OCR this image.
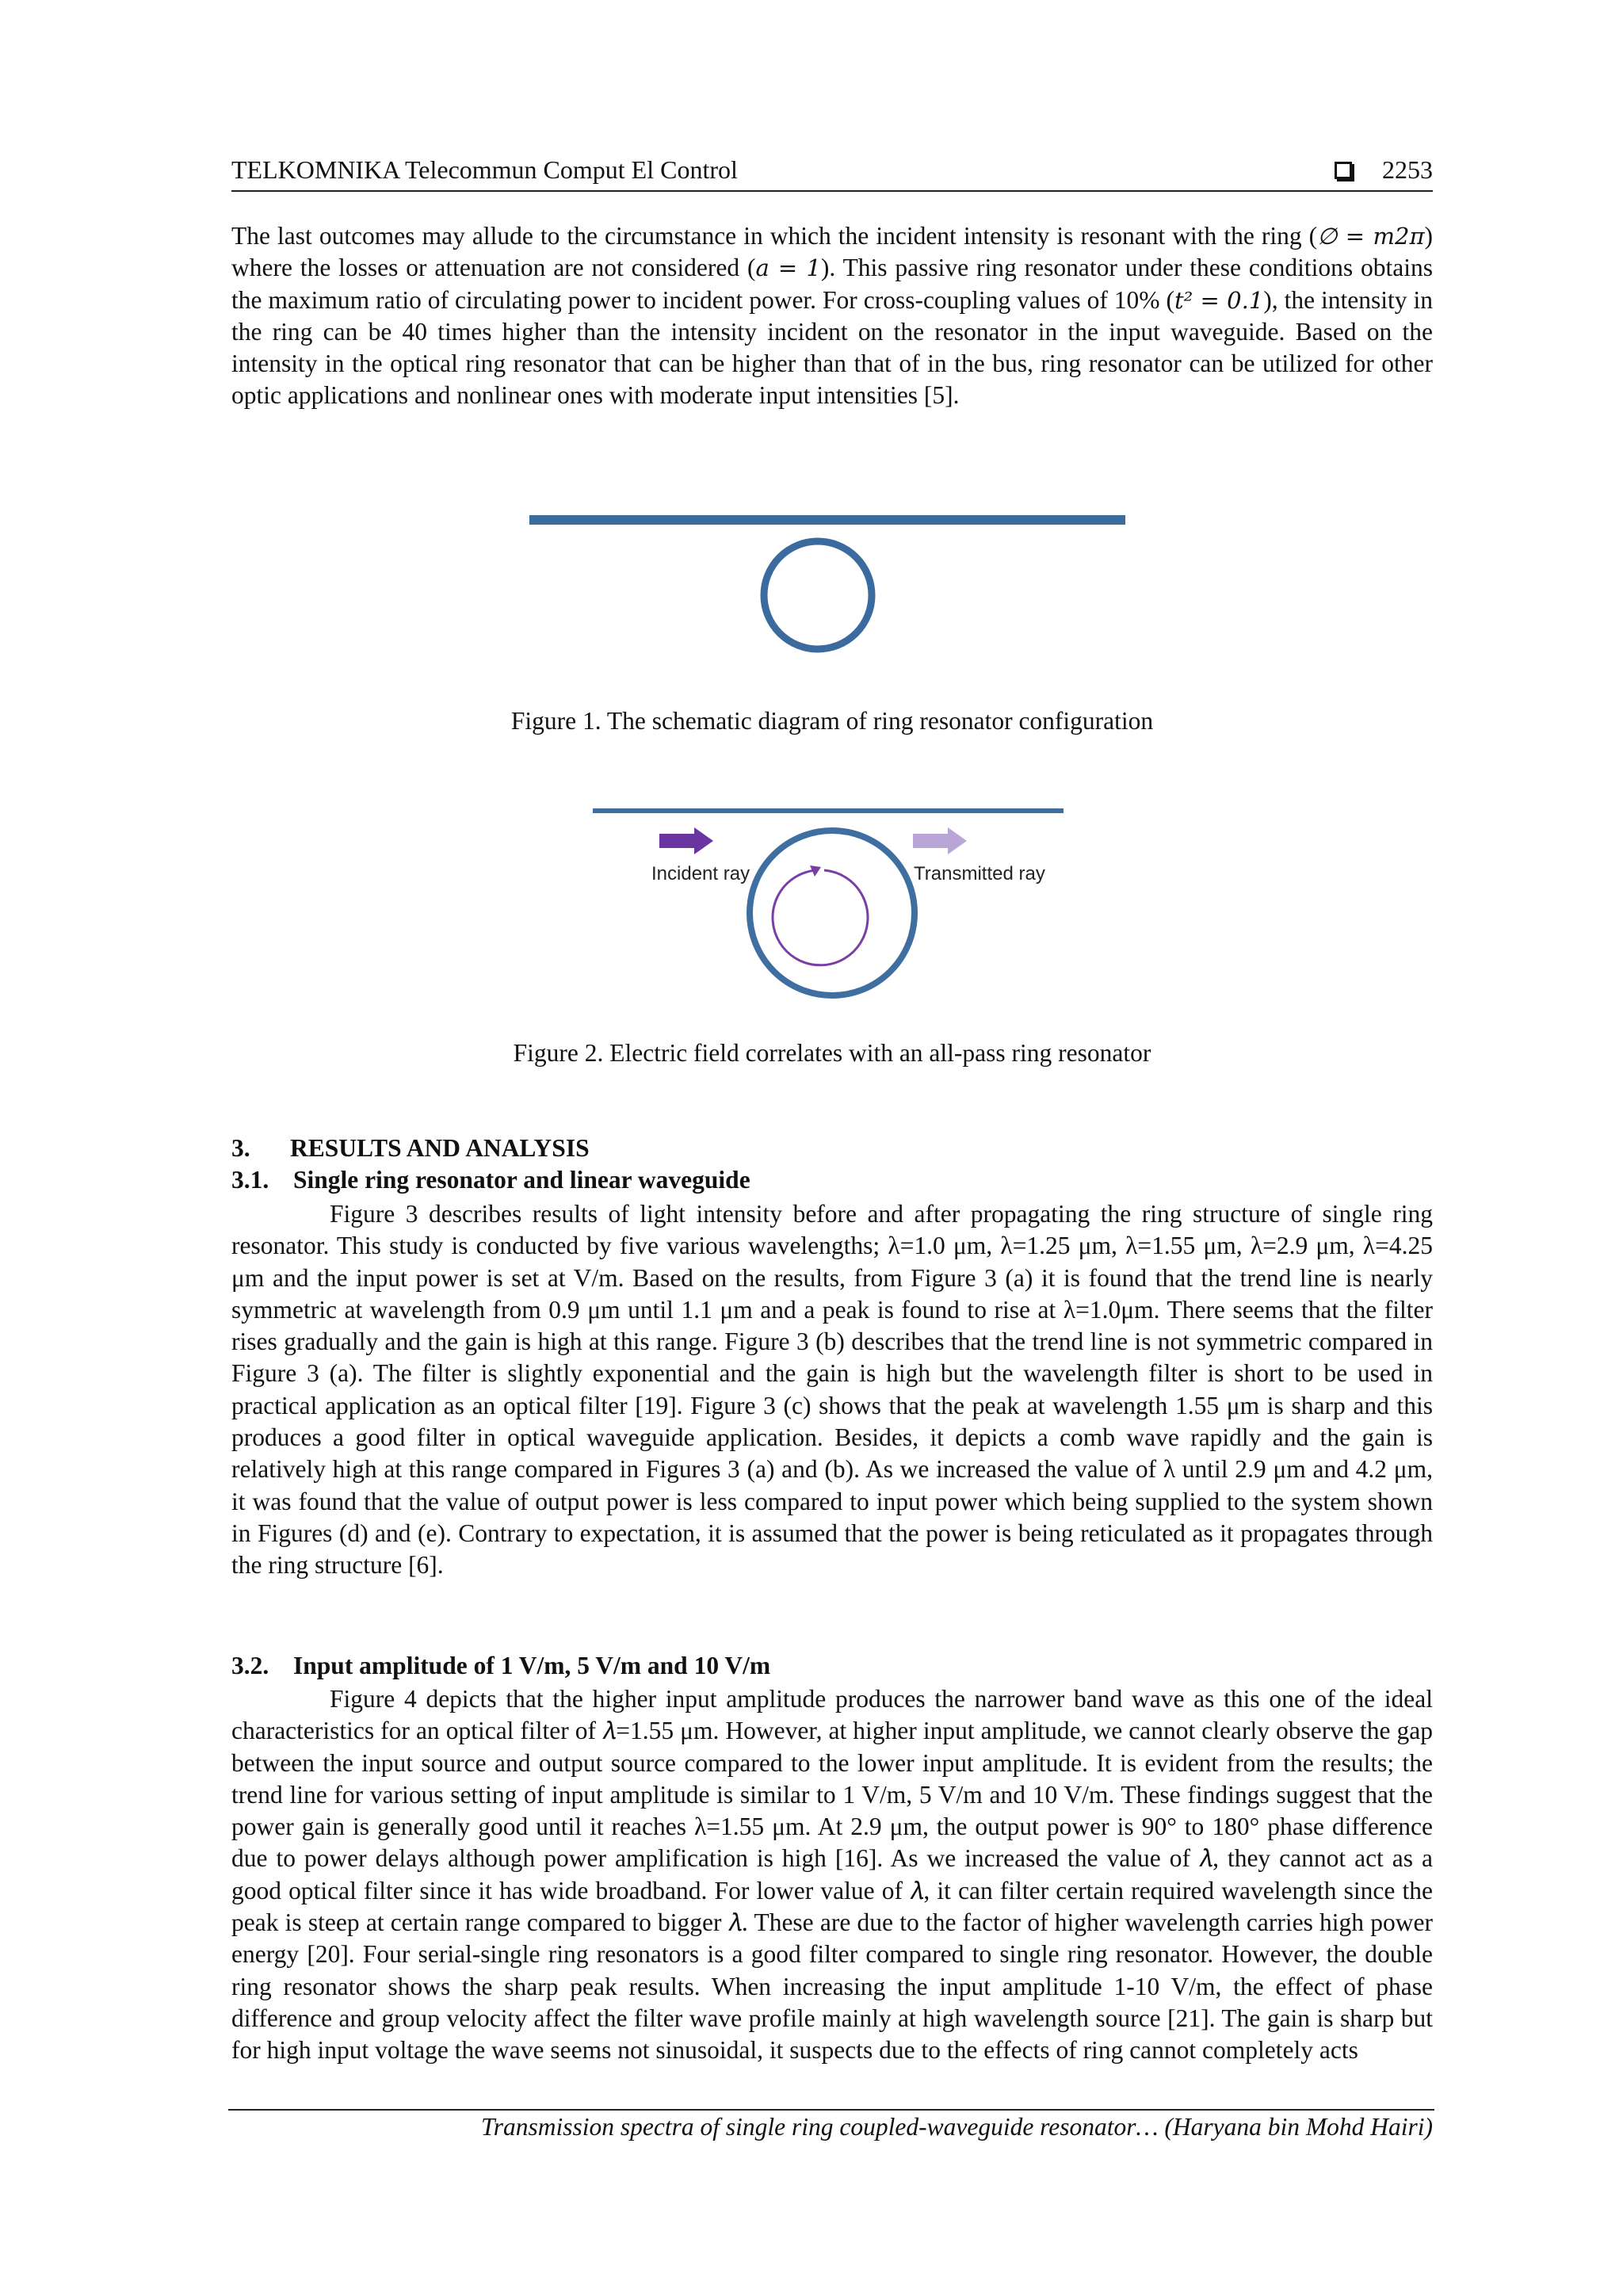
TELKOMNIKA Telecommun Comput El Control	2253
The last outcomes may allude to the circumstance in which the incident intensity is resonant with the ring (∅ = m2π) where the losses or attenuation are not considered (a = 1). This passive ring resonator under these conditions obtains the maximum ratio of circulating power to incident power. For cross-coupling values of 10% (t² = 0.1), the intensity in the ring can be 40 times higher than the intensity incident on the resonator in the input waveguide. Based on the intensity in the optical ring resonator that can be higher than that of in the bus, ring resonator can be utilized for other optic applications and nonlinear ones with moderate input intensities [5].
Figure 1. The schematic diagram of ring resonator configuration
Incident ray	Transmitted ray
Figure 2. Electric field correlates with an all-pass ring resonator
3. RESULTS AND ANALYSIS
3.1. Single ring resonator and linear waveguide
Figure 3 describes results of light intensity before and after propagating the ring structure of single ring resonator. This study is conducted by five various wavelengths; λ=1.0 μm, λ=1.25 μm, λ=1.55 μm, λ=2.9 μm, λ=4.25 μm and the input power is set at V/m. Based on the results, from Figure 3 (a) it is found that the trend line is nearly symmetric at wavelength from 0.9 μm until 1.1 μm and a peak is found to rise at λ=1.0μm. There seems that the filter rises gradually and the gain is high at this range. Figure 3 (b) describes that the trend line is not symmetric compared in Figure 3 (a). The filter is slightly exponential and the gain is high but the wavelength filter is short to be used in practical application as an optical filter [19]. Figure 3 (c) shows that the peak at wavelength 1.55 μm is sharp and this produces a good filter in optical waveguide application. Besides, it depicts a comb wave rapidly and the gain is relatively high at this range compared in Figures 3 (a) and (b). As we increased the value of λ until 2.9 μm and 4.2 μm, it was found that the value of output power is less compared to input power which being supplied to the system shown in Figures (d) and (e). Contrary to expectation, it is assumed that the power is being reticulated as it propagates through the ring structure [6].
3.2. Input amplitude of 1 V/m, 5 V/m and 10 V/m
Figure 4 depicts that the higher input amplitude produces the narrower band wave as this one of the ideal characteristics for an optical filter of 𝜆=1.55 μm. However, at higher input amplitude, we cannot clearly observe the gap between the input source and output source compared to the lower input amplitude. It is evident from the results; the trend line for various setting of input amplitude is similar to 1 V/m, 5 V/m and 10 V/m. These findings suggest that the power gain is generally good until it reaches λ=1.55 μm. At 2.9 μm, the output power is 90° to 180° phase difference due to power delays although power amplification is high [16]. As we increased the value of 𝜆, they cannot act as a good optical filter since it has wide broadband. For lower value of 𝜆, it can filter certain required wavelength since the peak is steep at certain range compared to bigger 𝜆. These are due to the factor of higher wavelength carries high power energy [20]. Four serial-single ring resonators is a good filter compared to single ring resonator. However, the double ring resonator shows the sharp peak results. When increasing the input amplitude 1-10 V/m, the effect of phase difference and group velocity affect the filter wave profile mainly at high wavelength source [21]. The gain is sharp but for high input voltage the wave seems not sinusoidal, it suspects due to the effects of ring cannot completely acts
Transmission spectra of single ring coupled-waveguide resonator… (Haryana bin Mohd Hairi)
